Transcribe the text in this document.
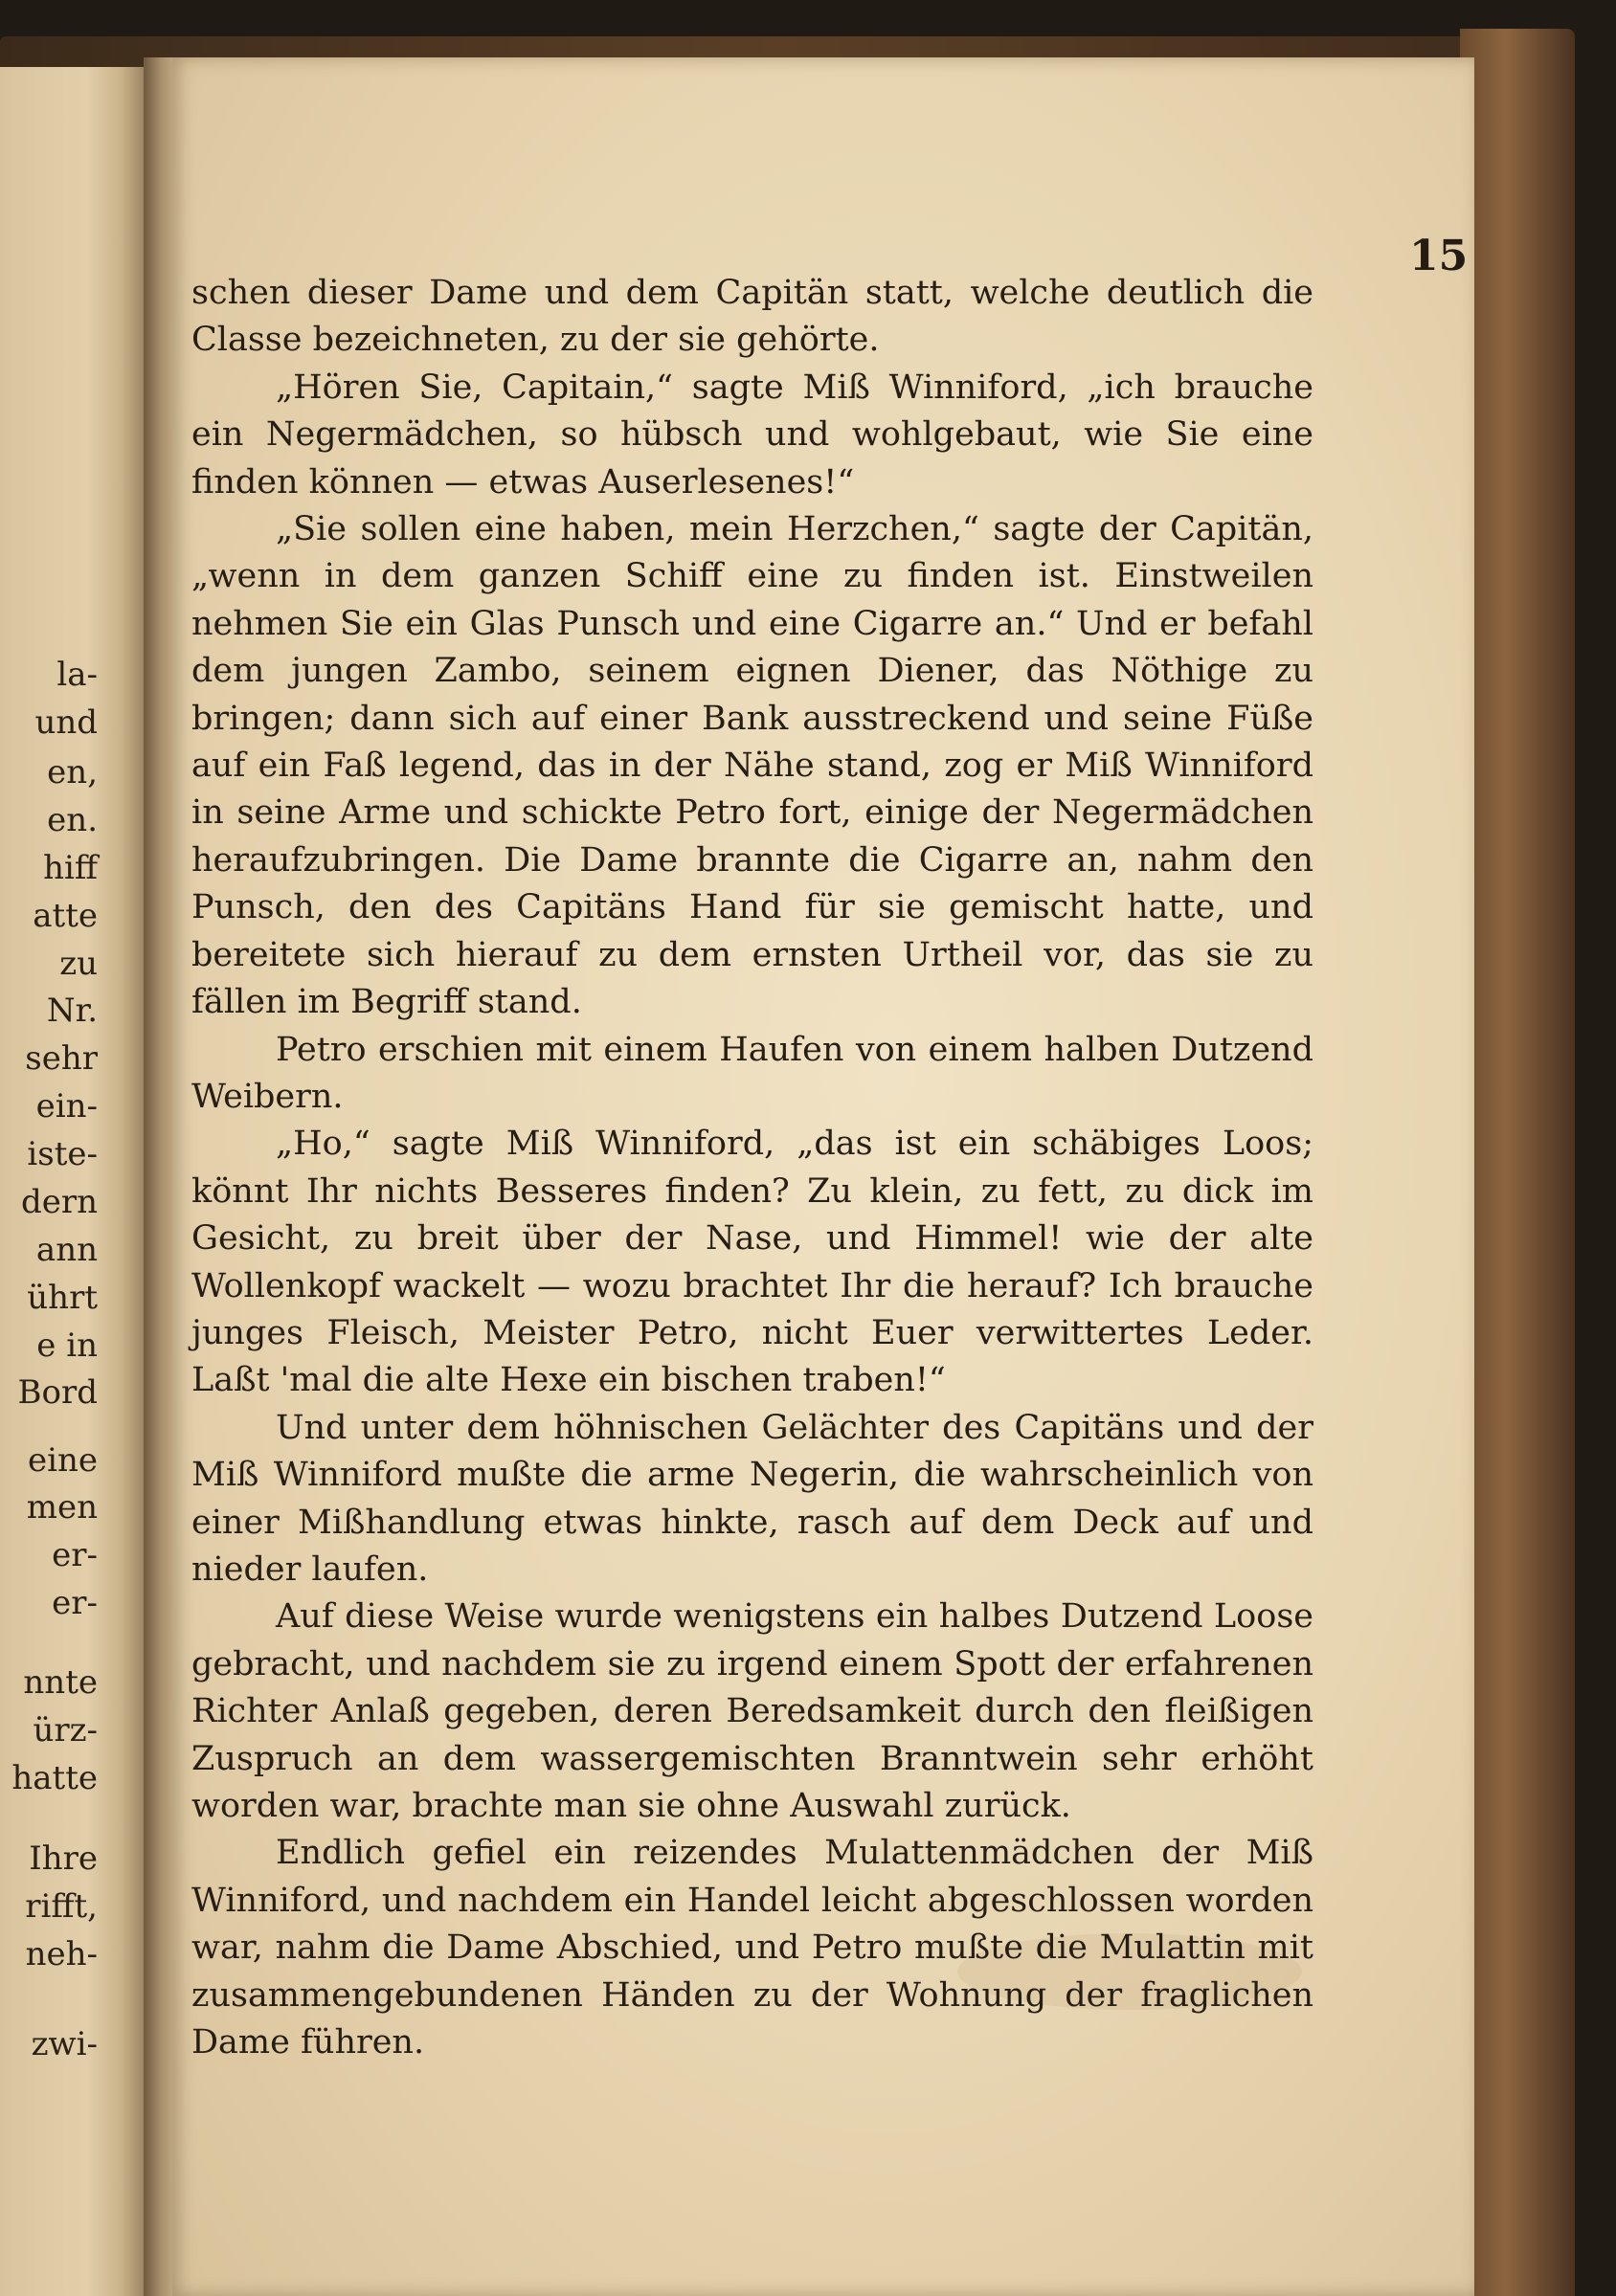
la-
und
en,
en.
hiff
atte
zu
Nr.
sehr
ein-
iste-
dern
ann
ührt
e in
Bord
eine
men
er-
er-
nnte
ürz-
hatte
Ihre
rifft,
neh-
zwi-
15

schen dieser Dame und dem Capitän statt, welche deutlich die Classe bezeichneten, zu der sie gehörte.

„Hören Sie, Capitain,“ sagte Miß Winniford, „ich brauche ein Negermädchen, so hübsch und wohlgebaut, wie Sie eine finden können — etwas Auserlesenes!“

„Sie sollen eine haben, mein Herzchen,“ sagte der Capitän, „wenn in dem ganzen Schiff eine zu finden ist. Einstweilen nehmen Sie ein Glas Punsch und eine Cigarre an.“ Und er befahl dem jungen Zambo, seinem eignen Diener, das Nöthige zu bringen; dann sich auf einer Bank ausstreckend und seine Füße auf ein Faß legend, das in der Nähe stand, zog er Miß Winniford in seine Arme und schickte Petro fort, einige der Negermädchen heraufzubringen. Die Dame brannte die Cigarre an, nahm den Punsch, den des Capitäns Hand für sie gemischt hatte, und bereitete sich hierauf zu dem ernsten Urtheil vor, das sie zu fällen im Begriff stand.

Petro erschien mit einem Haufen von einem halben Dutzend Weibern.

„Ho,“ sagte Miß Winniford, „das ist ein schäbiges Loos; könnt Ihr nichts Besseres finden? Zu klein, zu fett, zu dick im Gesicht, zu breit über der Nase, und Himmel! wie der alte Wollenkopf wackelt — wozu brachtet Ihr die herauf? Ich brauche junges Fleisch, Meister Petro, nicht Euer verwittertes Leder. Laßt 'mal die alte Hexe ein bischen traben!“

Und unter dem höhnischen Gelächter des Capitäns und der Miß Winniford mußte die arme Negerin, die wahrscheinlich von einer Mißhandlung etwas hinkte, rasch auf dem Deck auf und nieder laufen.

Auf diese Weise wurde wenigstens ein halbes Dutzend Loose gebracht, und nachdem sie zu irgend einem Spott der erfahrenen Richter Anlaß gegeben, deren Beredsamkeit durch den fleißigen Zuspruch an dem wassergemischten Branntwein sehr erhöht worden war, brachte man sie ohne Auswahl zurück.

Endlich gefiel ein reizendes Mulattenmädchen der Miß Winniford, und nachdem ein Handel leicht abgeschlossen worden war, nahm die Dame Abschied, und Petro mußte die Mulattin mit zusammengebundenen Händen zu der Wohnung der fraglichen Dame führen.
